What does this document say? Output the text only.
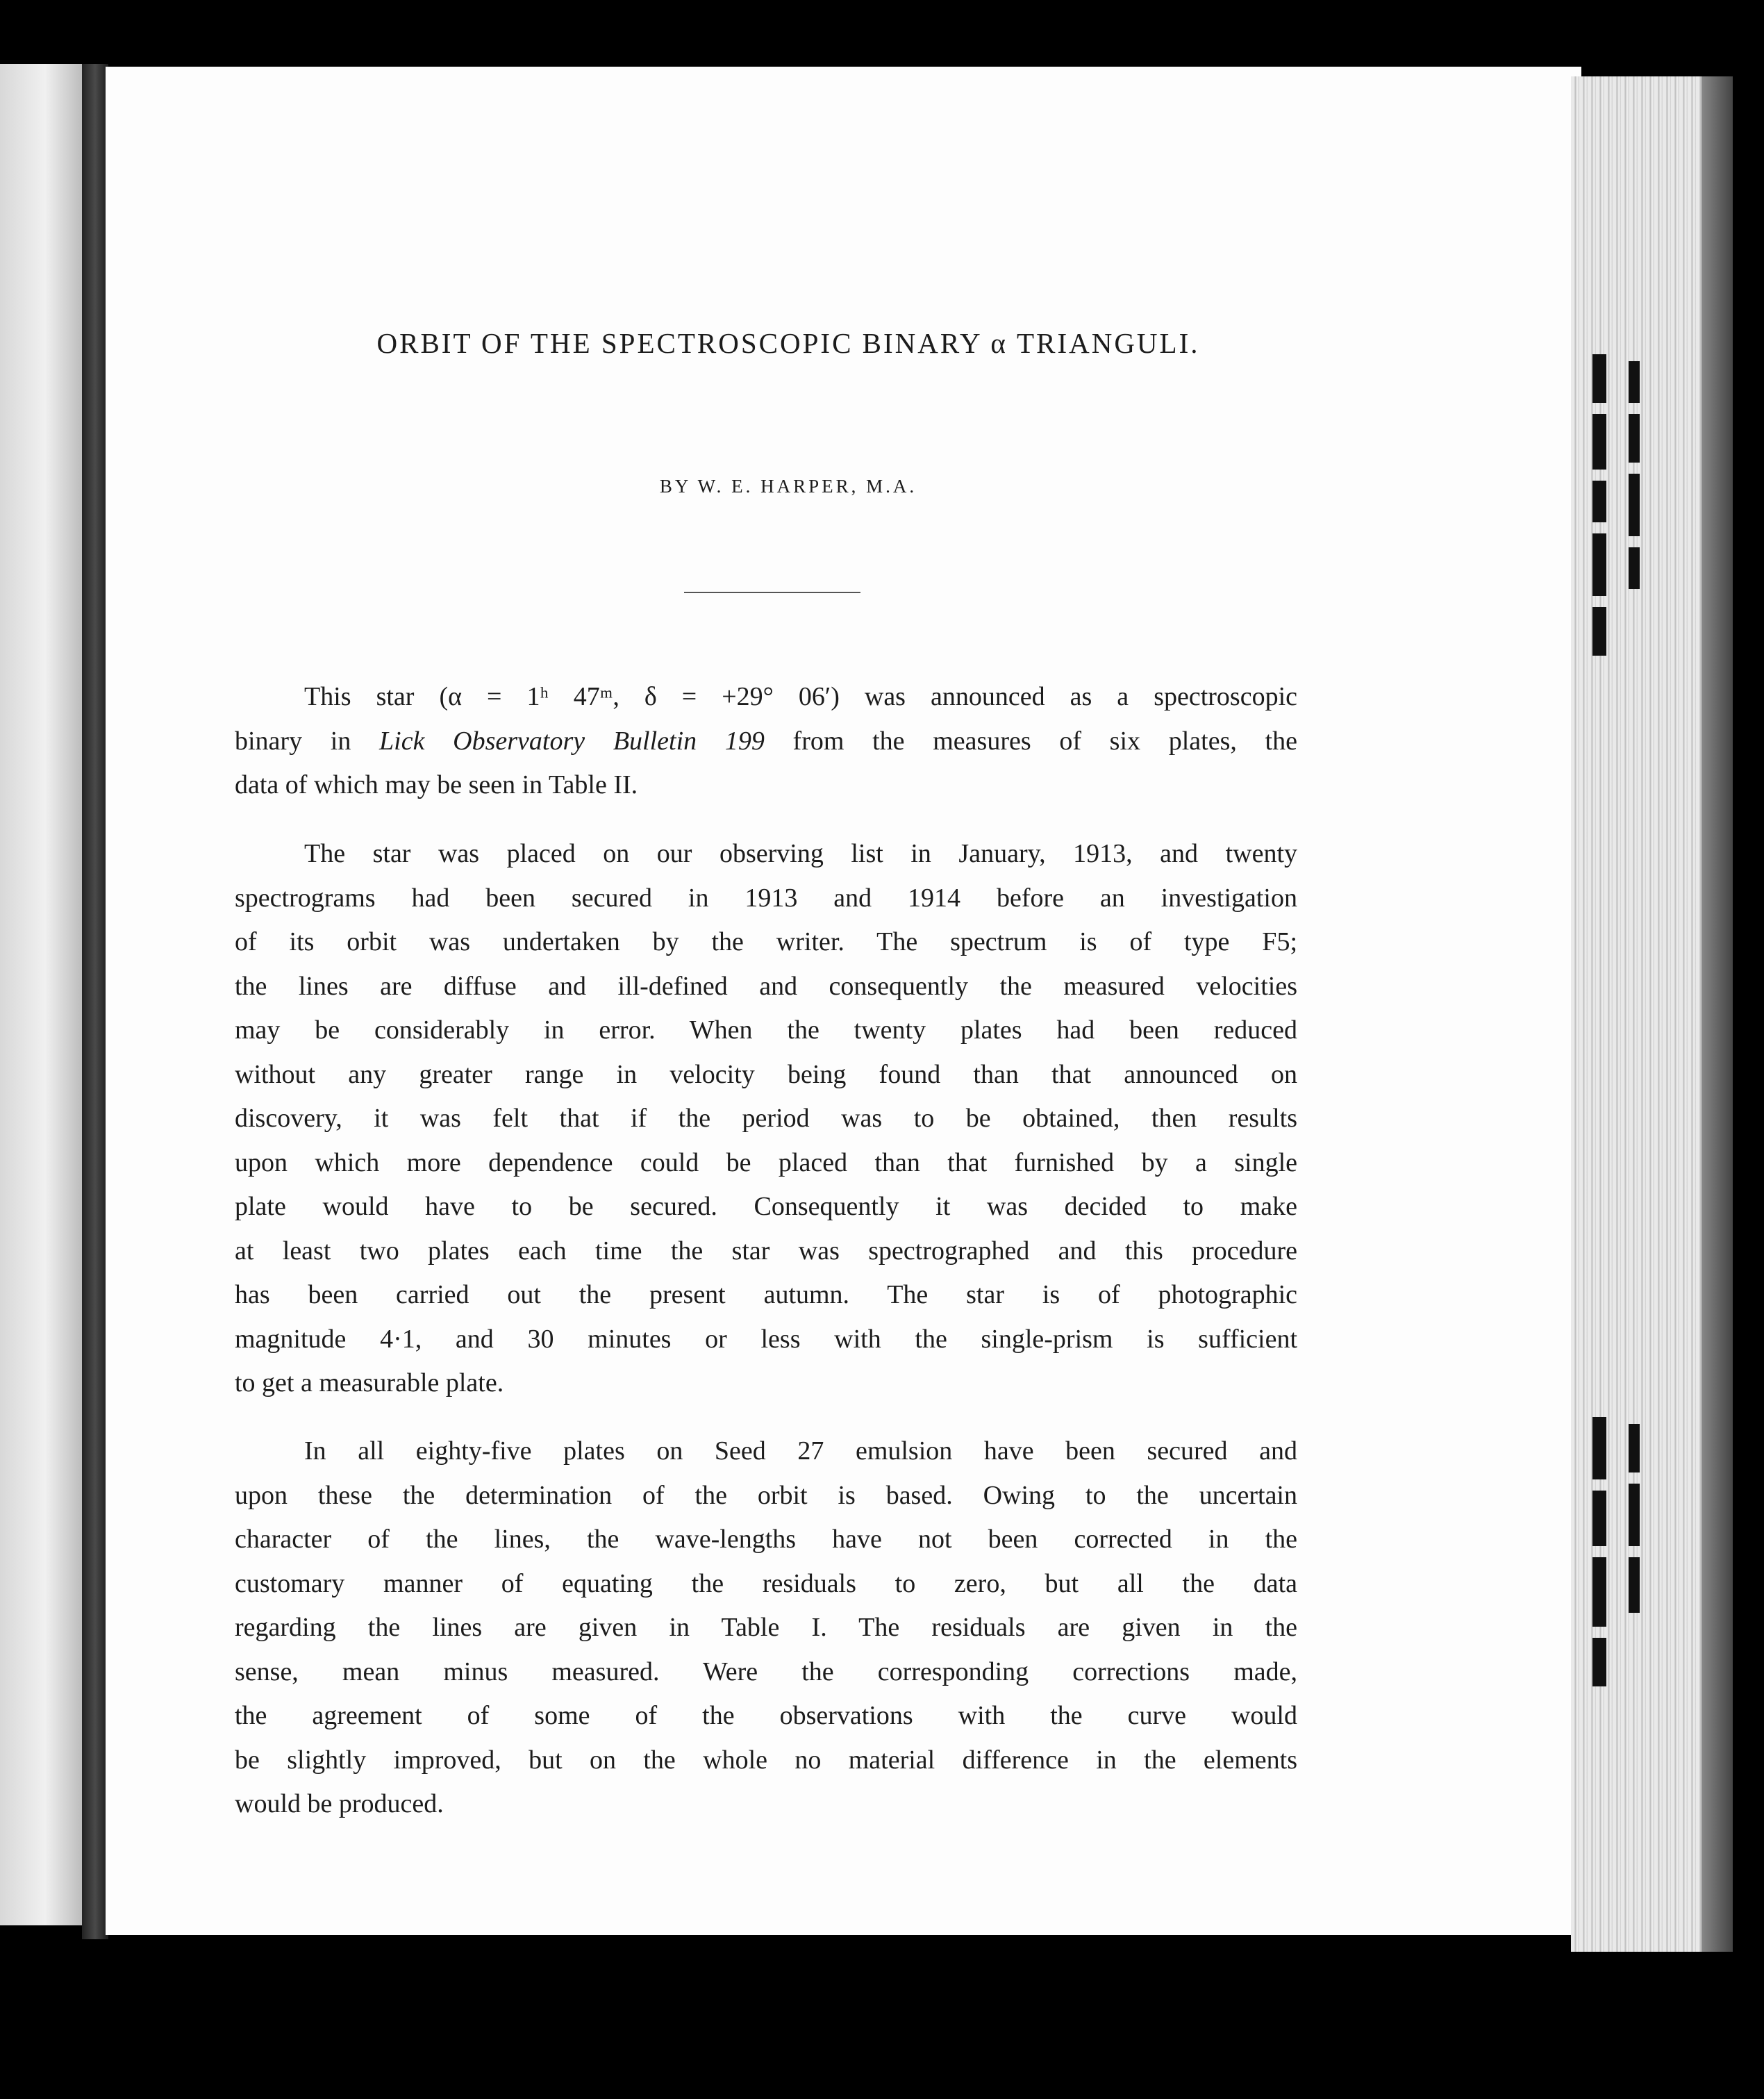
ORBIT OF THE SPECTROSCOPIC BINARY α TRIANGULI.
BY W. E. HARPER, M.A.
This star (α = 1ʰ 47ᵐ, δ = +29° 06′) was announced as a spectroscopic
binary in Lick Observatory Bulletin 199 from the measures of six plates, the
data of which may be seen in Table II.
The star was placed on our observing list in January, 1913, and twenty
spectrograms had been secured in 1913 and 1914 before an investigation
of its orbit was undertaken by the writer. The spectrum is of type F5;
the lines are diffuse and ill-defined and consequently the measured velocities
may be considerably in error. When the twenty plates had been reduced
without any greater range in velocity being found than that announced on
discovery, it was felt that if the period was to be obtained, then results
upon which more dependence could be placed than that furnished by a single
plate would have to be secured. Consequently it was decided to make
at least two plates each time the star was spectrographed and this procedure
has been carried out the present autumn. The star is of photographic
magnitude 4·1, and 30 minutes or less with the single-prism is sufficient
to get a measurable plate.
In all eighty-five plates on Seed 27 emulsion have been secured and
upon these the determination of the orbit is based. Owing to the uncertain
character of the lines, the wave-lengths have not been corrected in the
customary manner of equating the residuals to zero, but all the data
regarding the lines are given in Table I. The residuals are given in the
sense, mean minus measured. Were the corresponding corrections made,
the agreement of some of the observations with the curve would
be slightly improved, but on the whole no material difference in the elements
would be produced.
